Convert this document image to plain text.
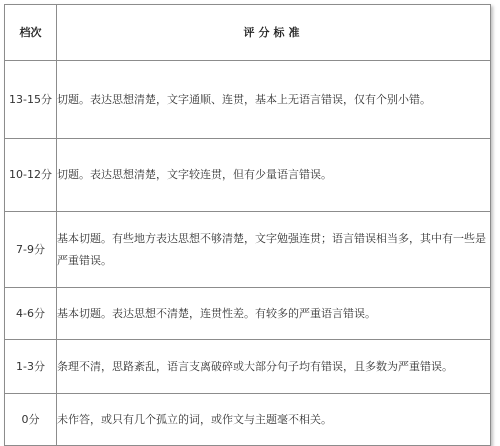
档次	评分标准
13-15分	切题。表达思想清楚，文字通顺、连贯，基本上无语言错误，仅有个别小错。
10-12分	切题。表达思想清楚，文字较连贯，但有少量语言错误。
7-9分	基本切题。有些地方表达思想不够清楚，文字勉强连贯；语言错误相当多，其中有一些是严重错误。
4-6分	基本切题。表达思想不清楚，连贯性差。有较多的严重语言错误。
1-3分	条理不清，思路紊乱，语言支离破碎或大部分句子均有错误，且多数为严重错误。
0分	未作答，或只有几个孤立的词，或作文与主题毫不相关。
